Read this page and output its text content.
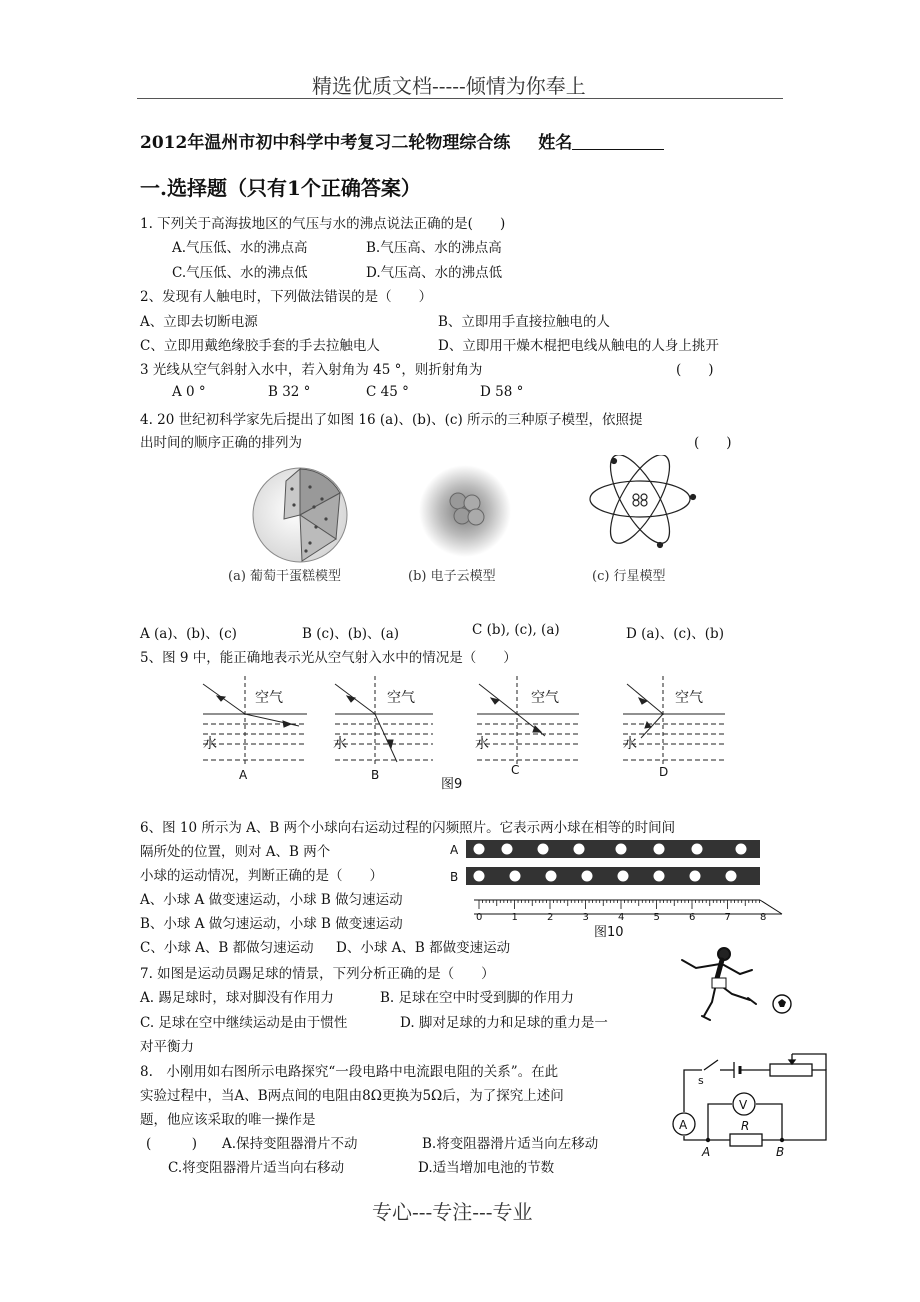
精选优质文档-----倾情为你奉上
2012年温州市初中科学中考复习二轮物理综合练 姓名
一.选择题（只有1个正确答案）
1. 下列关于高海拔地区的气压与水的沸点说法正确的是(　　)
A.气压低、水的沸点高	B.气压高、水的沸点高
C.气压低、水的沸点低	D.气压高、水的沸点低
2、发现有人触电时，下列做法错误的是（　　）
A、立即去切断电源	B、立即用手直接拉触电的人
C、立即用戴绝缘胶手套的手去拉触电人	D、立即用干燥木棍把电线从触电的人身上挑开
3 光线从空气斜射入水中，若入射角为 45 °，则折射角为	(　　)
A 0 °	B 32 °	C 45 °	D 58 °
4. 20 世纪初科学家先后提出了如图 16 (a)、(b)、(c) 所示的三种原子模型，依照提
出时间的顺序正确的排列为	(　　)
(a) 葡萄干蛋糕模型	(b) 电子云模型	(c) 行星模型
A (a)、(b)、(c)	B (c)、(b)、(a)	C (b), (c), (a)	D (a)、(c)、(b)
5、图 9 中，能正确地表示光从空气射入水中的情况是（　　）
空气
水
A
空气
水
B
空气
水
C
空气
水
D
图9
6、图 10 所示为 A、B 两个小球向右运动过程的闪频照片。它表示两小球在相等的时间间
隔所处的位置，则对 A、B 两个
小球的运动情况，判断正确的是（　　）
A、小球 A 做变速运动，小球 B 做匀速运动
B、小球 A 做匀速运动，小球 B 做变速运动
C、小球 A、B 都做匀速运动 D、小球 A、B 都做变速运动
A
B
0	1	2	3	4	5	6	7	8
图10
7. 如图是运动员踢足球的情景，下列分析正确的是（　　）
A. 踢足球时，球对脚没有作用力	B. 足球在空中时受到脚的作用力
C. 足球在空中继续运动是由于惯性	D. 脚对足球的力和足球的重力是一
对平衡力
8.　小刚用如右图所示电路探究“一段电路中电流跟电阻的关系”。在此
实验过程中，当A、B两点间的电阻由8Ω更换为5Ω后，为了探究上述问
题，他应该采取的唯一操作是
(　　　) A.保持变阻器滑片不动	B.将变阻器滑片适当向左移动
C.将变阻器滑片适当向右移动	D.适当增加电池的节数
s
A
V
R
A	B
专心---专注---专业
